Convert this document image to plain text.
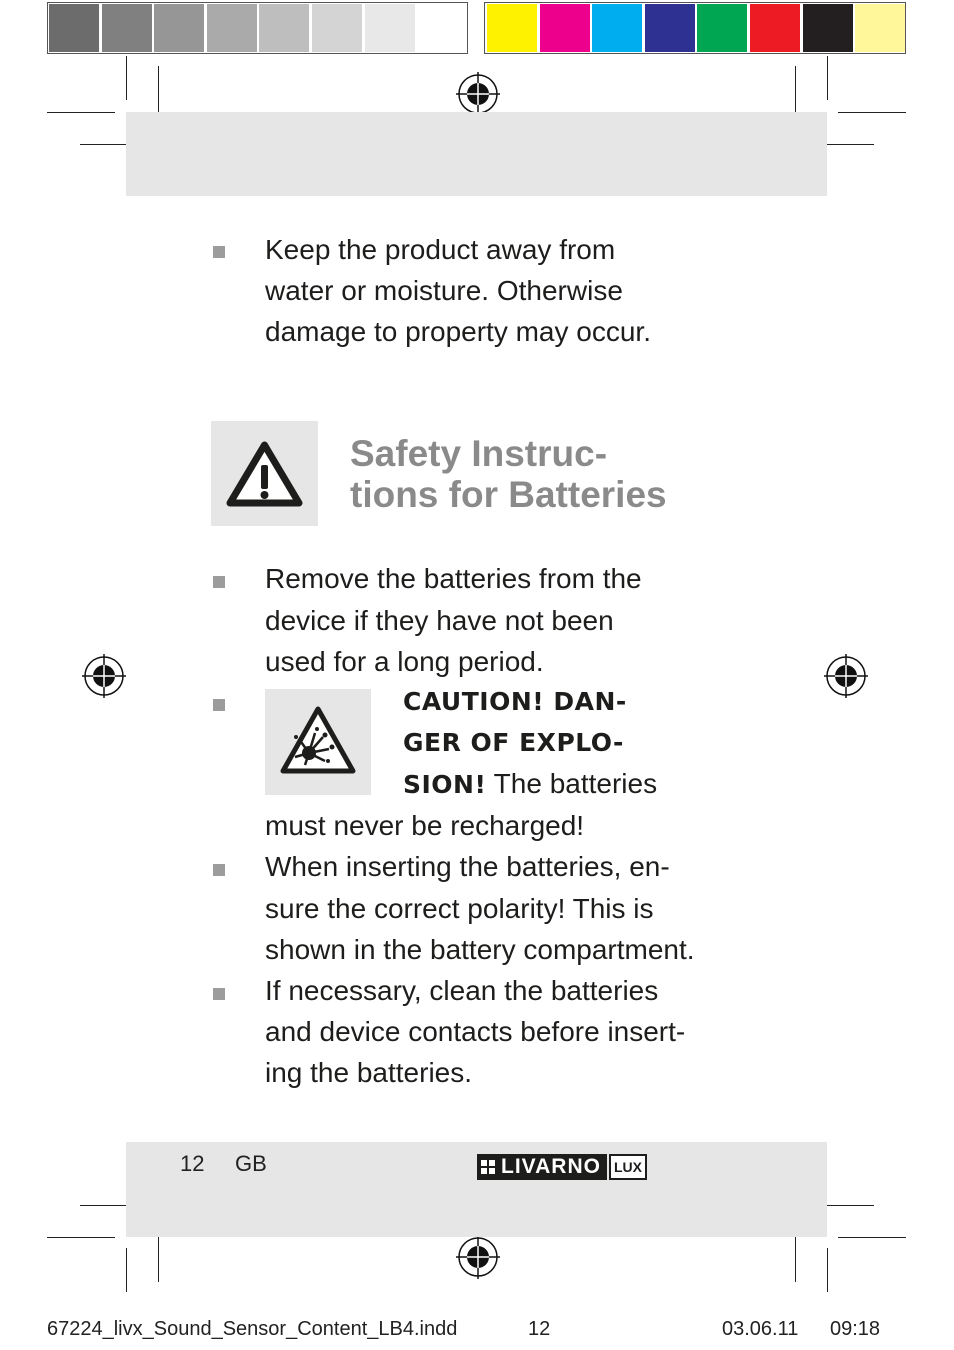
Keep the product away from
water or moisture. Otherwise
damage to property may occur.
Safety Instruc-
tions for Batteries
Remove the batteries from the
device if they have not been
used for a long period.
CAUTION! DAN-
GER OF EXPLO-
SION! The batteries
must never be recharged!
When inserting the batteries, en-
sure the correct polarity! This is
shown in the battery compartment.
If necessary, clean the batteries
and device contacts before insert-
ing the batteries.
12 GB	LIVARNO LUX
67224_livx_Sound_Sensor_Content_LB4.indd	12	03.06.11 09:18
